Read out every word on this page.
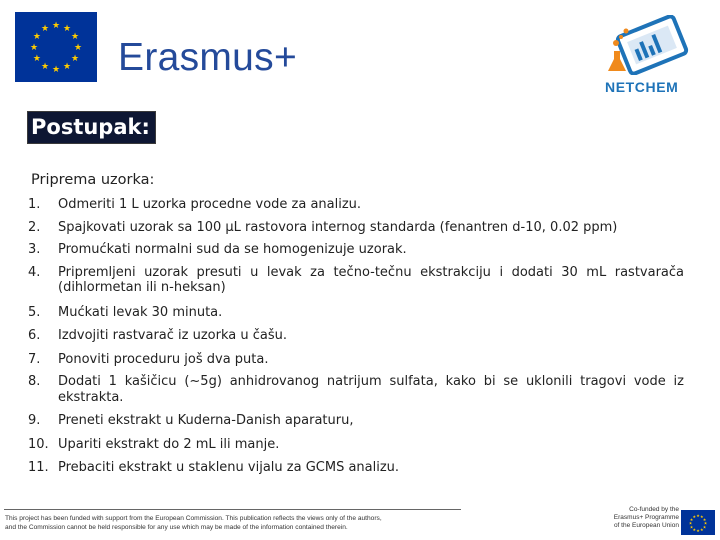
★ ★
★
★
★
★
★
★
★
★
★
★
Erasmus+
NETCHEM
Postupak:
Priprema uzorka:
1.	Odmeriti 1 L uzorka procedne vode za analizu.
2.	Spajkovati uzorak sa 100 µL rastovora internog standarda (fenantren d-10, 0.02 ppm)
3.	Promućkati normalni sud da se homogenizuje uzorak.
4.	Pripremljeni uzorak presuti u levak za tečno-tečnu ekstrakciju i dodati 30 mL rastvarača (dihlormetan ili n-heksan)
5.	Mućkati levak 30 minuta.
6.	Izdvojiti rastvarač iz uzorka u čašu.
7.	Ponoviti proceduru još dva puta.
8.	Dodati 1 kašičicu (~5g) anhidrovanog natrijum sulfata, kako bi se uklonili tragovi vode iz ekstrakta.
9.	Preneti ekstrakt u Kuderna-Danish aparaturu,
10. Upariti ekstrakt do 2 mL ili manje.
11. Prebaciti ekstrakt u staklenu vijalu za GCMS analizu.
This project has been funded with support from the European Commission. This publication reflects the views only of the authors,
and the Commission cannot be held responsible for any use which may be made of the information contained therein.
Co-funded by the
Erasmus+ Programme
of the European Union
★ ★
★
★
★
★
★
★
★
★
★
★
